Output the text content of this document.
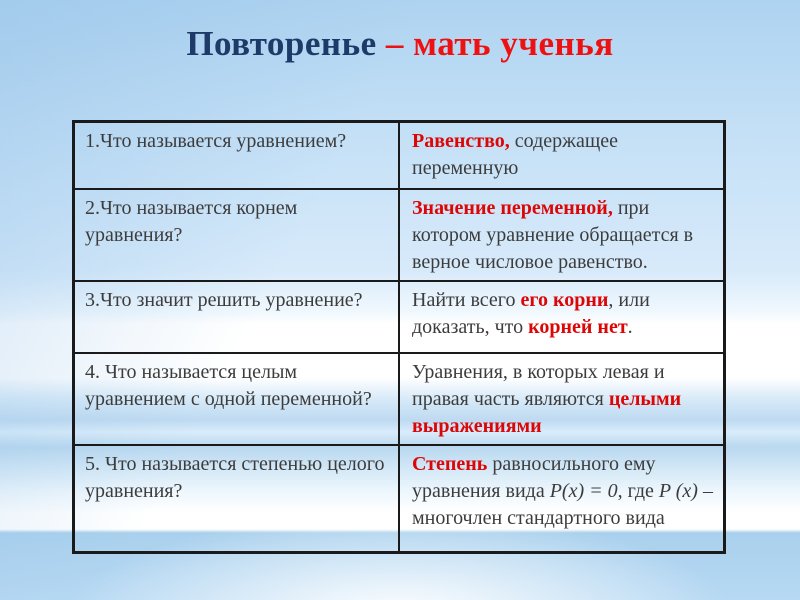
Повторенье – мать ученья
1.Что называется уравнением?	Равенство, содержащее переменную
2.Что называется корнем уравнения?
Значение переменной, при котором уравнение обращается в верное числовое равенство.
3.Что значит решить уравнение?	Найти всего его корни, или доказать, что корней нет.
4. Что называется целым уравнением с одной переменной?
Уравнения, в которых левая и правая часть являются целыми выражениями
5. Что называется степенью целого уравнения?
Степень равносильного ему уравнения вида P(x) = 0, где P (x) – многочлен стандартного вида
